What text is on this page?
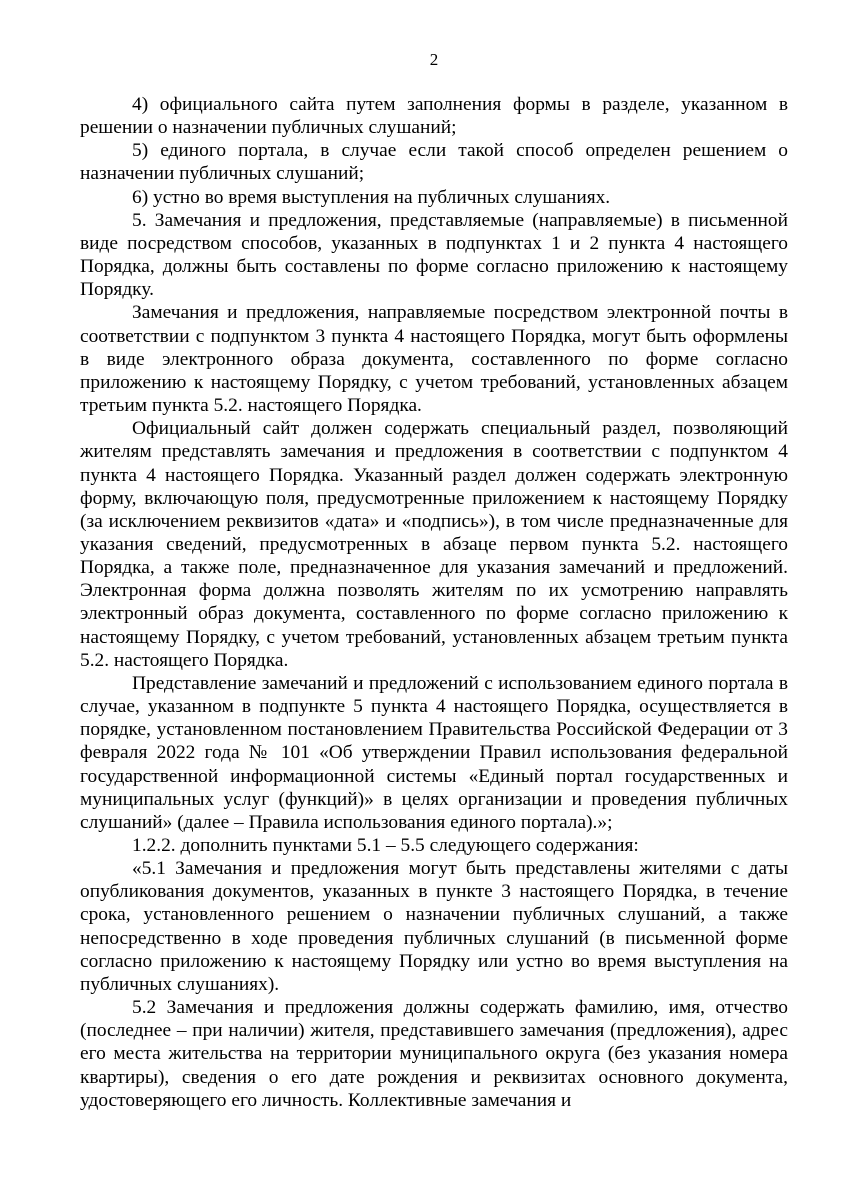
2

4) официального сайта путем заполнения формы в разделе, указанном в решении о назначении публичных слушаний;

5) единого портала, в случае если такой способ определен решением о назначении публичных слушаний;

6) устно во время выступления на публичных слушаниях.

5. Замечания и предложения, представляемые (направляемые) в письменной виде посредством способов, указанных в подпунктах 1 и 2 пункта 4 настоящего Порядка, должны быть составлены по форме согласно приложению к настоящему Порядку.

Замечания и предложения, направляемые посредством электронной почты в соответствии с подпунктом 3 пункта 4 настоящего Порядка, могут быть оформлены в виде электронного образа документа, составленного по форме согласно приложению к настоящему Порядку, с учетом требований, установленных абзацем третьим пункта 5.2. настоящего Порядка.

Официальный сайт должен содержать специальный раздел, позволяющий жителям представлять замечания и предложения в соответствии с подпунктом 4 пункта 4 настоящего Порядка. Указанный раздел должен содержать электронную форму, включающую поля, предусмотренные приложением к настоящему Порядку (за исключением реквизитов «дата» и «подпись»), в том числе предназначенные для указания сведений, предусмотренных в абзаце первом пункта 5.2. настоящего Порядка, а также поле, предназначенное для указания замечаний и предложений. Электронная форма должна позволять жителям по их усмотрению направлять электронный образ документа, составленного по форме согласно приложению к настоящему Порядку, с учетом требований, установленных абзацем третьим пункта 5.2. настоящего Порядка.

Представление замечаний и предложений с использованием единого портала в случае, указанном в подпункте 5 пункта 4 настоящего Порядка, осуществляется в порядке, установленном постановлением Правительства Российской Федерации от 3 февраля 2022 года № 101 «Об утверждении Правил использования федеральной государственной информационной системы «Единый портал государственных и муниципальных услуг (функций)» в целях организации и проведения публичных слушаний» (далее – Правила использования единого портала).»;

1.2.2. дополнить пунктами 5.1 – 5.5 следующего содержания:

«5.1 Замечания и предложения могут быть представлены жителями с даты опубликования документов, указанных в пункте 3 настоящего Порядка, в течение срока, установленного решением о назначении публичных слушаний, а также непосредственно в ходе проведения публичных слушаний (в письменной форме согласно приложению к настоящему Порядку или устно во время выступления на публичных слушаниях).

5.2 Замечания и предложения должны содержать фамилию, имя, отчество (последнее – при наличии) жителя, представившего замечания (предложения), адрес его места жительства на территории муниципального округа (без указания номера квартиры), сведения о его дате рождения и реквизитах основного документа, удостоверяющего его личность. Коллективные замечания и
